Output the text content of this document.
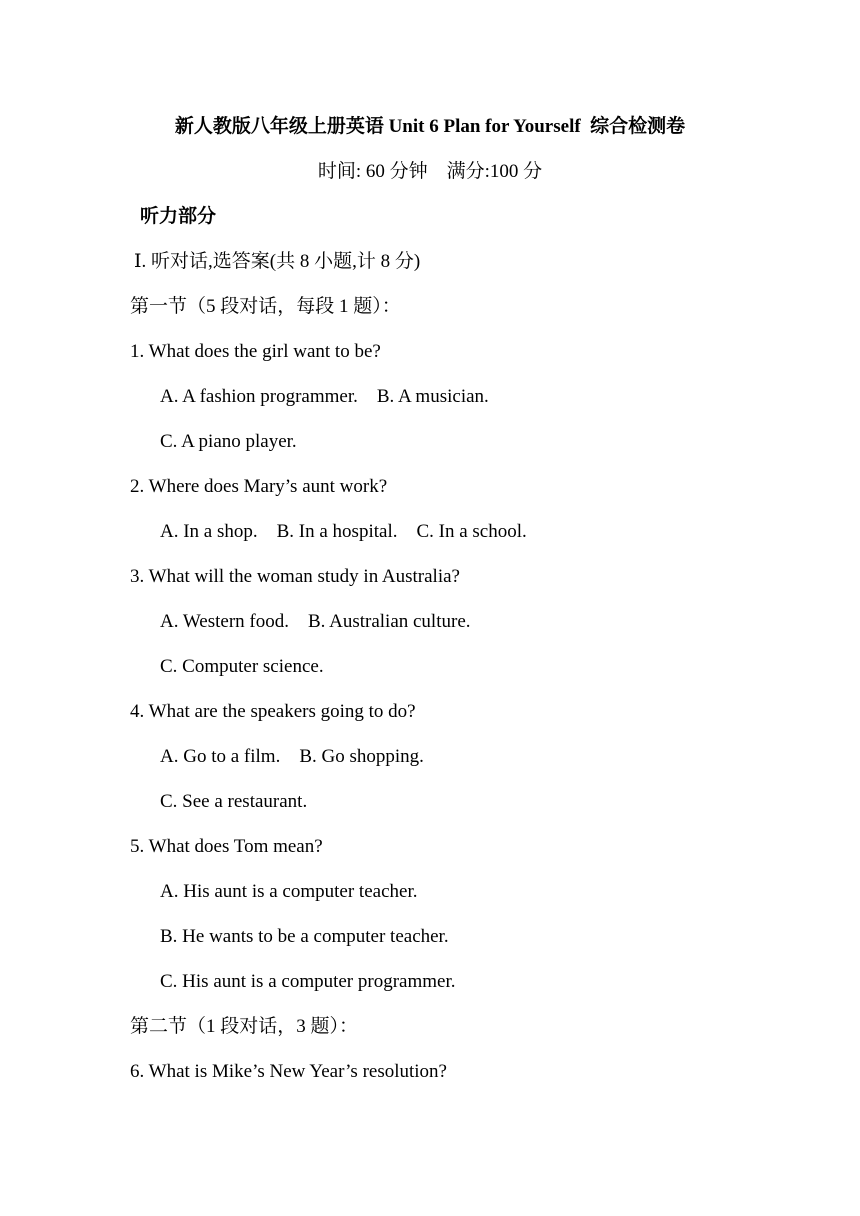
新人教版八年级上册英语 Unit 6 Plan for Yourself  综合检测卷
时间: 60 分钟    满分:100 分
听力部分
Ⅰ. 听对话,选答案(共 8 小题,计 8 分)
第一节（5 段对话，每段 1 题）：
1. What does the girl want to be?
A. A fashion programmer.    B. A musician.
C. A piano player.
2. Where does Mary’s aunt work?
A. In a shop.    B. In a hospital.    C. In a school.
3. What will the woman study in Australia?
A. Western food.    B. Australian culture.
C. Computer science.
4. What are the speakers going to do?
A. Go to a film.    B. Go shopping.
C. See a restaurant.
5. What does Tom mean?
A. His aunt is a computer teacher.
B. He wants to be a computer teacher.
C. His aunt is a computer programmer.
第二节（1 段对话，3 题）：
6. What is Mike’s New Year’s resolution?
